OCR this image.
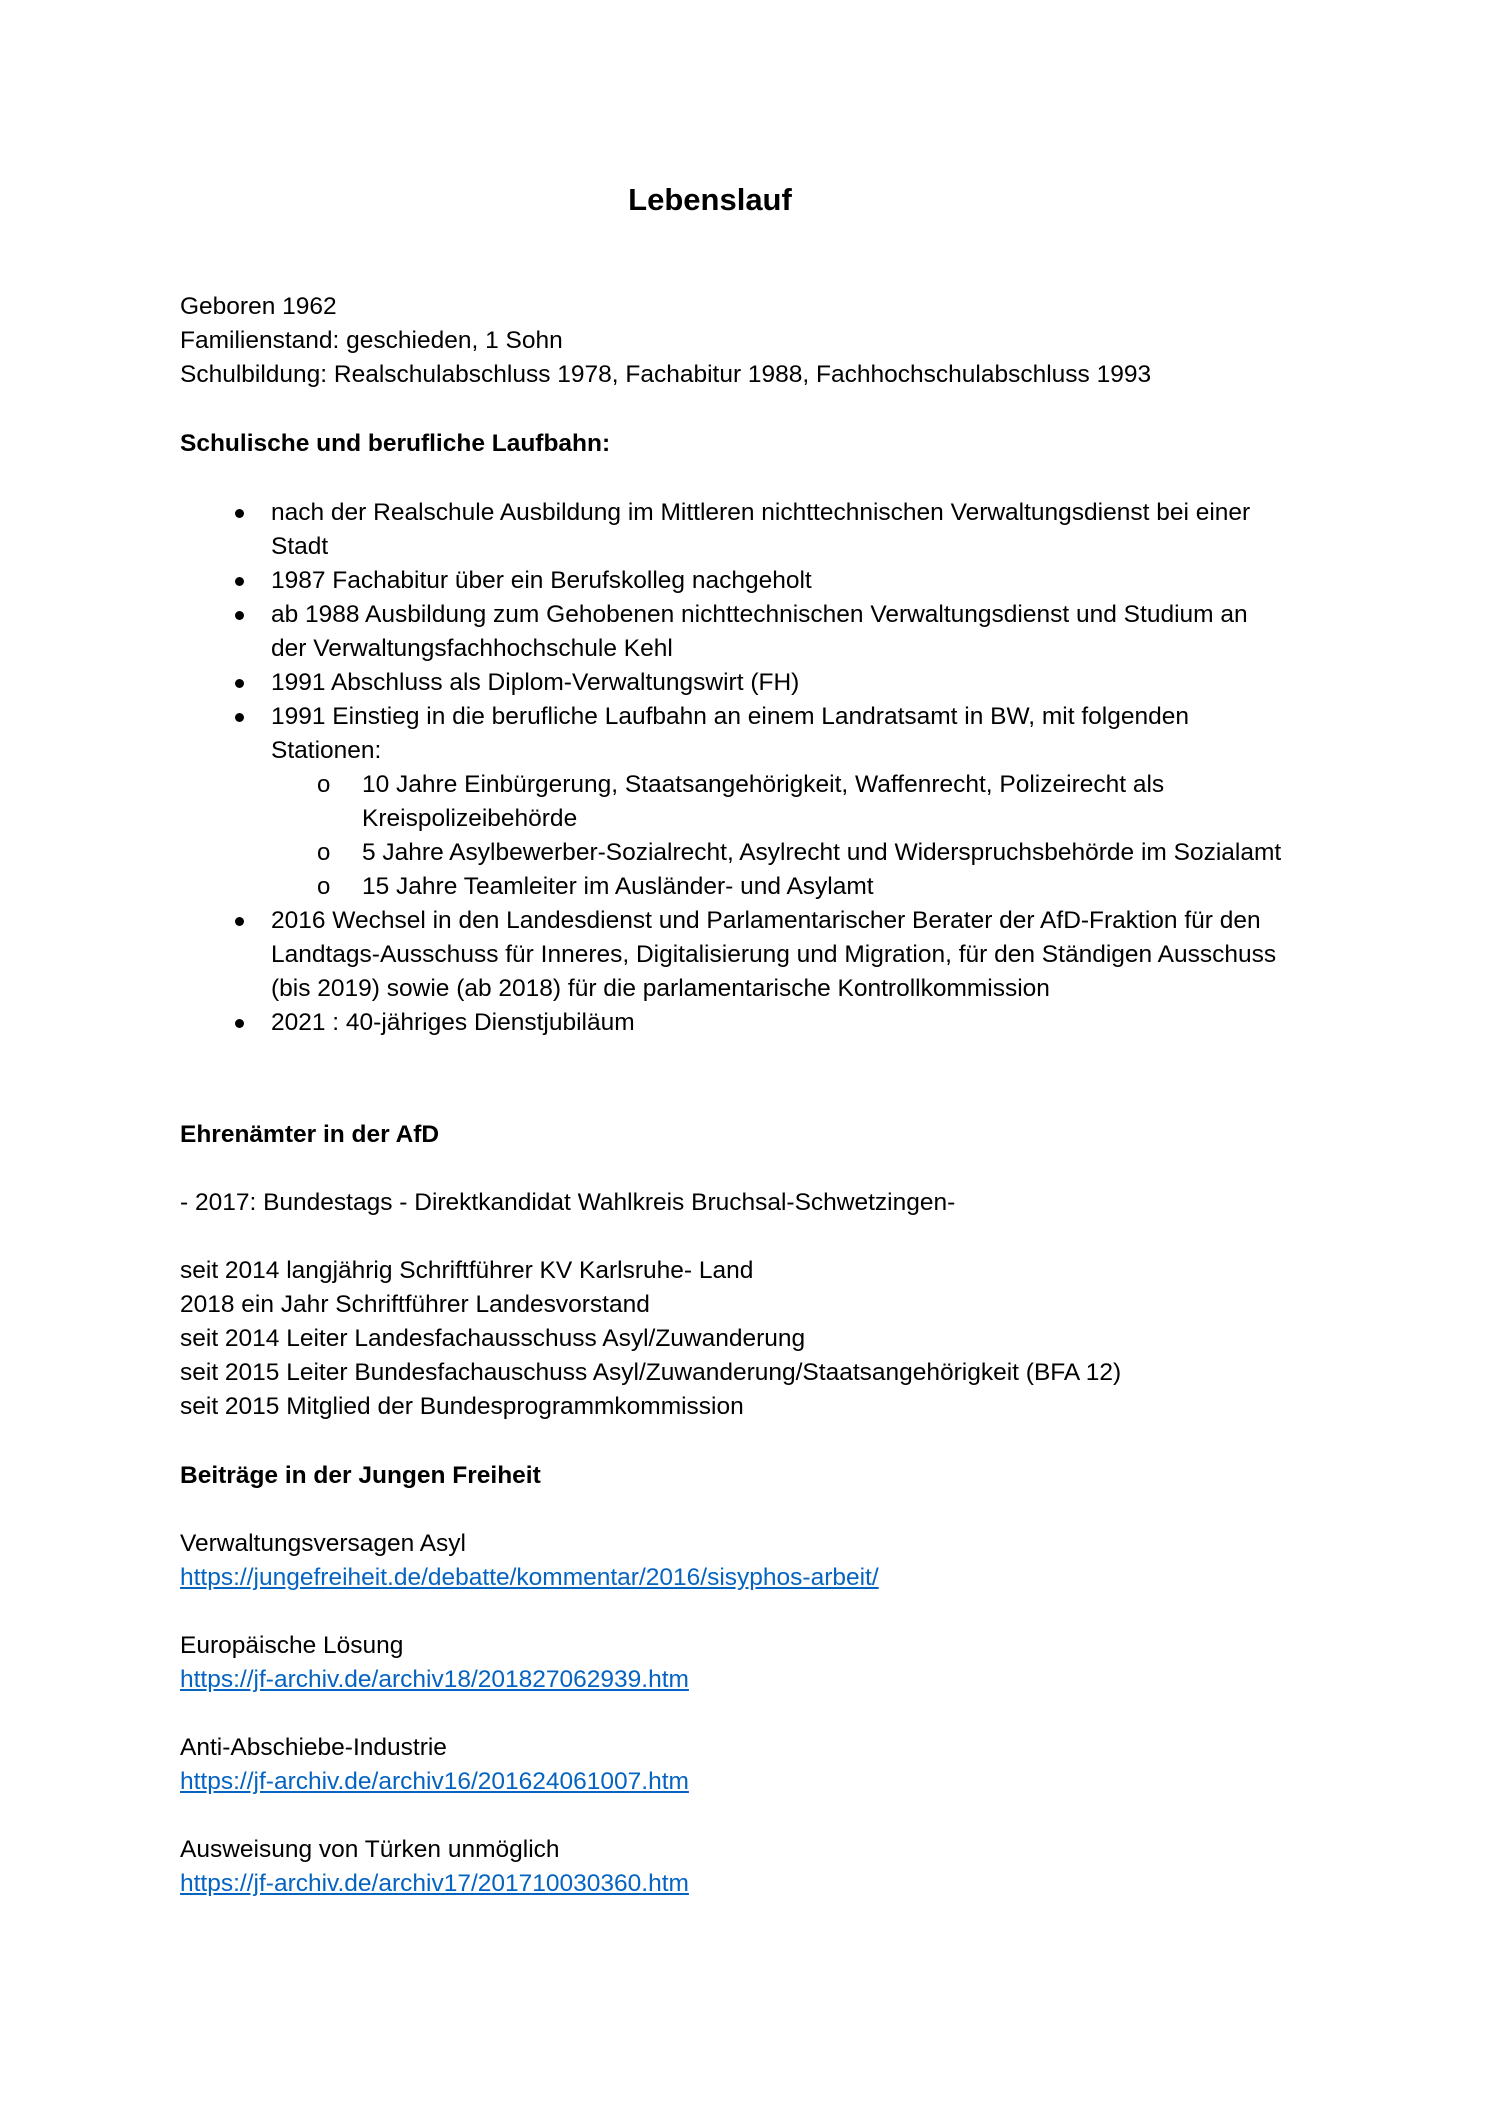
Lebenslauf
Geboren 1962
Familienstand: geschieden, 1 Sohn
Schulbildung: Realschulabschluss 1978, Fachabitur 1988, Fachhochschulabschluss 1993
Schulische und berufliche Laufbahn:
nach der Realschule Ausbildung im Mittleren nichttechnischen Verwaltungsdienst bei einer
Stadt
1987 Fachabitur über ein Berufskolleg nachgeholt
ab 1988 Ausbildung zum Gehobenen nichttechnischen Verwaltungsdienst und Studium an
der Verwaltungsfachhochschule Kehl
1991 Abschluss als Diplom-Verwaltungswirt (FH)
1991 Einstieg in die berufliche Laufbahn an einem Landratsamt in BW, mit folgenden
Stationen:
o 10 Jahre Einbürgerung, Staatsangehörigkeit, Waffenrecht, Polizeirecht als
Kreispolizeibehörde
o 5 Jahre Asylbewerber-Sozialrecht, Asylrecht und Widerspruchsbehörde im Sozialamt
o 15 Jahre Teamleiter im Ausländer- und Asylamt
2016 Wechsel in den Landesdienst und Parlamentarischer Berater der AfD-Fraktion für den
Landtags-Ausschuss für Inneres, Digitalisierung und Migration, für den Ständigen Ausschuss
(bis 2019) sowie (ab 2018) für die parlamentarische Kontrollkommission
2021 : 40-jähriges Dienstjubiläum
Ehrenämter in der AfD
- 2017: Bundestags - Direktkandidat Wahlkreis Bruchsal-Schwetzingen-
seit 2014 langjährig Schriftführer KV Karlsruhe- Land
2018 ein Jahr Schriftführer Landesvorstand
seit 2014 Leiter Landesfachausschuss Asyl/Zuwanderung
seit 2015 Leiter Bundesfachauschuss Asyl/Zuwanderung/Staatsangehörigkeit (BFA 12)
seit 2015 Mitglied der Bundesprogrammkommission
Beiträge in der Jungen Freiheit
Verwaltungsversagen Asyl
https://jungefreiheit.de/debatte/kommentar/2016/sisyphos-arbeit/
Europäische Lösung
https://jf-archiv.de/archiv18/201827062939.htm
Anti-Abschiebe-Industrie
https://jf-archiv.de/archiv16/201624061007.htm
Ausweisung von Türken unmöglich
https://jf-archiv.de/archiv17/201710030360.htm
